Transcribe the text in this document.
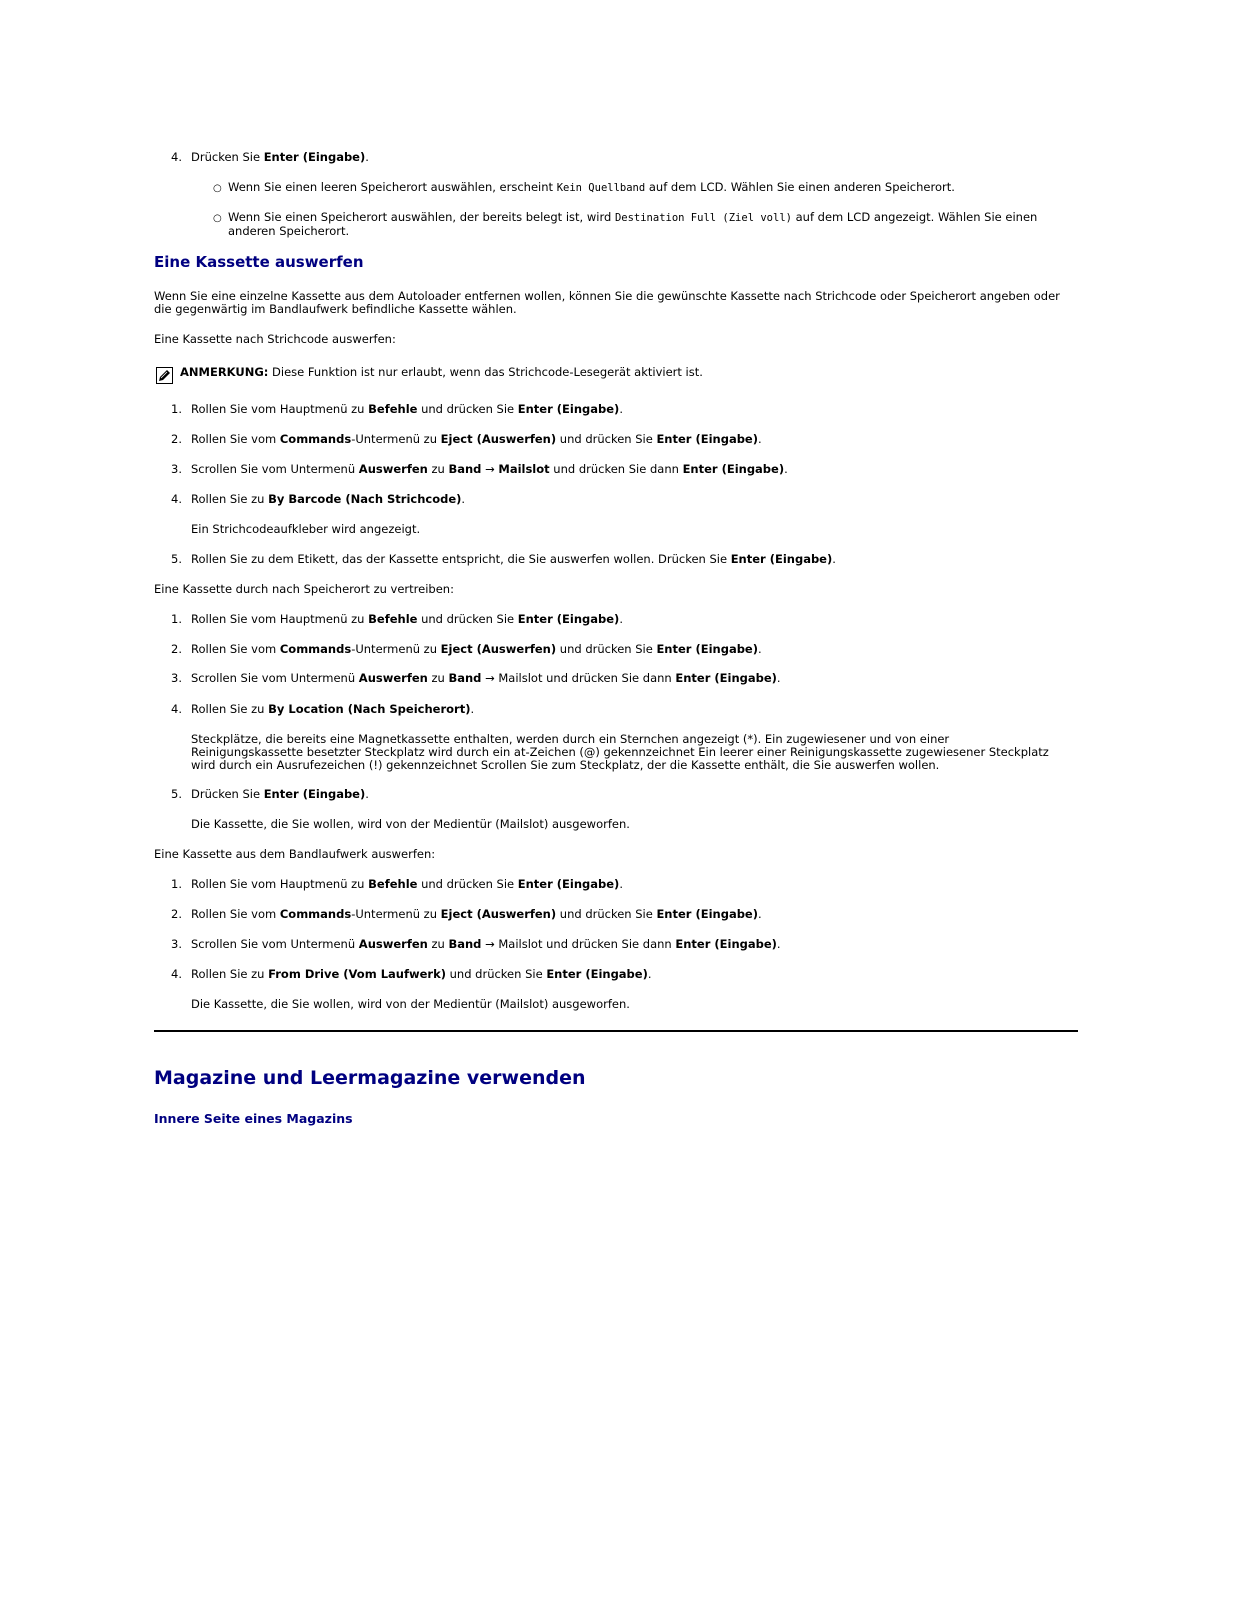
4. Drücken Sie Enter (Eingabe).
○ Wenn Sie einen leeren Speicherort auswählen, erscheint Kein Quellband auf dem LCD. Wählen Sie einen anderen Speicherort.
○ Wenn Sie einen Speicherort auswählen, der bereits belegt ist, wird Destination Full (Ziel voll) auf dem LCD angezeigt. Wählen Sie einen anderen Speicherort.
Eine Kassette auswerfen
Wenn Sie eine einzelne Kassette aus dem Autoloader entfernen wollen, können Sie die gewünschte Kassette nach Strichcode oder Speicherort angeben oder die gegenwärtig im Bandlaufwerk befindliche Kassette wählen.
Eine Kassette nach Strichcode auswerfen:
ANMERKUNG: Diese Funktion ist nur erlaubt, wenn das Strichcode-Lesegerät aktiviert ist.
1. Rollen Sie vom Hauptmenü zu Befehle und drücken Sie Enter (Eingabe).
2. Rollen Sie vom Commands-Untermenü zu Eject (Auswerfen) und drücken Sie Enter (Eingabe).
3. Scrollen Sie vom Untermenü Auswerfen zu Band → Mailslot und drücken Sie dann Enter (Eingabe).
4. Rollen Sie zu By Barcode (Nach Strichcode).
Ein Strichcodeaufkleber wird angezeigt.
5. Rollen Sie zu dem Etikett, das der Kassette entspricht, die Sie auswerfen wollen. Drücken Sie Enter (Eingabe).
Eine Kassette durch nach Speicherort zu vertreiben:
1. Rollen Sie vom Hauptmenü zu Befehle und drücken Sie Enter (Eingabe).
2. Rollen Sie vom Commands-Untermenü zu Eject (Auswerfen) und drücken Sie Enter (Eingabe).
3. Scrollen Sie vom Untermenü Auswerfen zu Band → Mailslot und drücken Sie dann Enter (Eingabe).
4. Rollen Sie zu By Location (Nach Speicherort).
Steckplätze, die bereits eine Magnetkassette enthalten, werden durch ein Sternchen angezeigt (*). Ein zugewiesener und von einer Reinigungskassette besetzter Steckplatz wird durch ein at-Zeichen (@) gekennzeichnet Ein leerer einer Reinigungskassette zugewiesener Steckplatz wird durch ein Ausrufezeichen (!) gekennzeichnet Scrollen Sie zum Steckplatz, der die Kassette enthält, die Sie auswerfen wollen.
5. Drücken Sie Enter (Eingabe).
Die Kassette, die Sie wollen, wird von der Medientür (Mailslot) ausgeworfen.
Eine Kassette aus dem Bandlaufwerk auswerfen:
1. Rollen Sie vom Hauptmenü zu Befehle und drücken Sie Enter (Eingabe).
2. Rollen Sie vom Commands-Untermenü zu Eject (Auswerfen) und drücken Sie Enter (Eingabe).
3. Scrollen Sie vom Untermenü Auswerfen zu Band → Mailslot und drücken Sie dann Enter (Eingabe).
4. Rollen Sie zu From Drive (Vom Laufwerk) und drücken Sie Enter (Eingabe).
Die Kassette, die Sie wollen, wird von der Medientür (Mailslot) ausgeworfen.
Magazine und Leermagazine verwenden
Innere Seite eines Magazins
